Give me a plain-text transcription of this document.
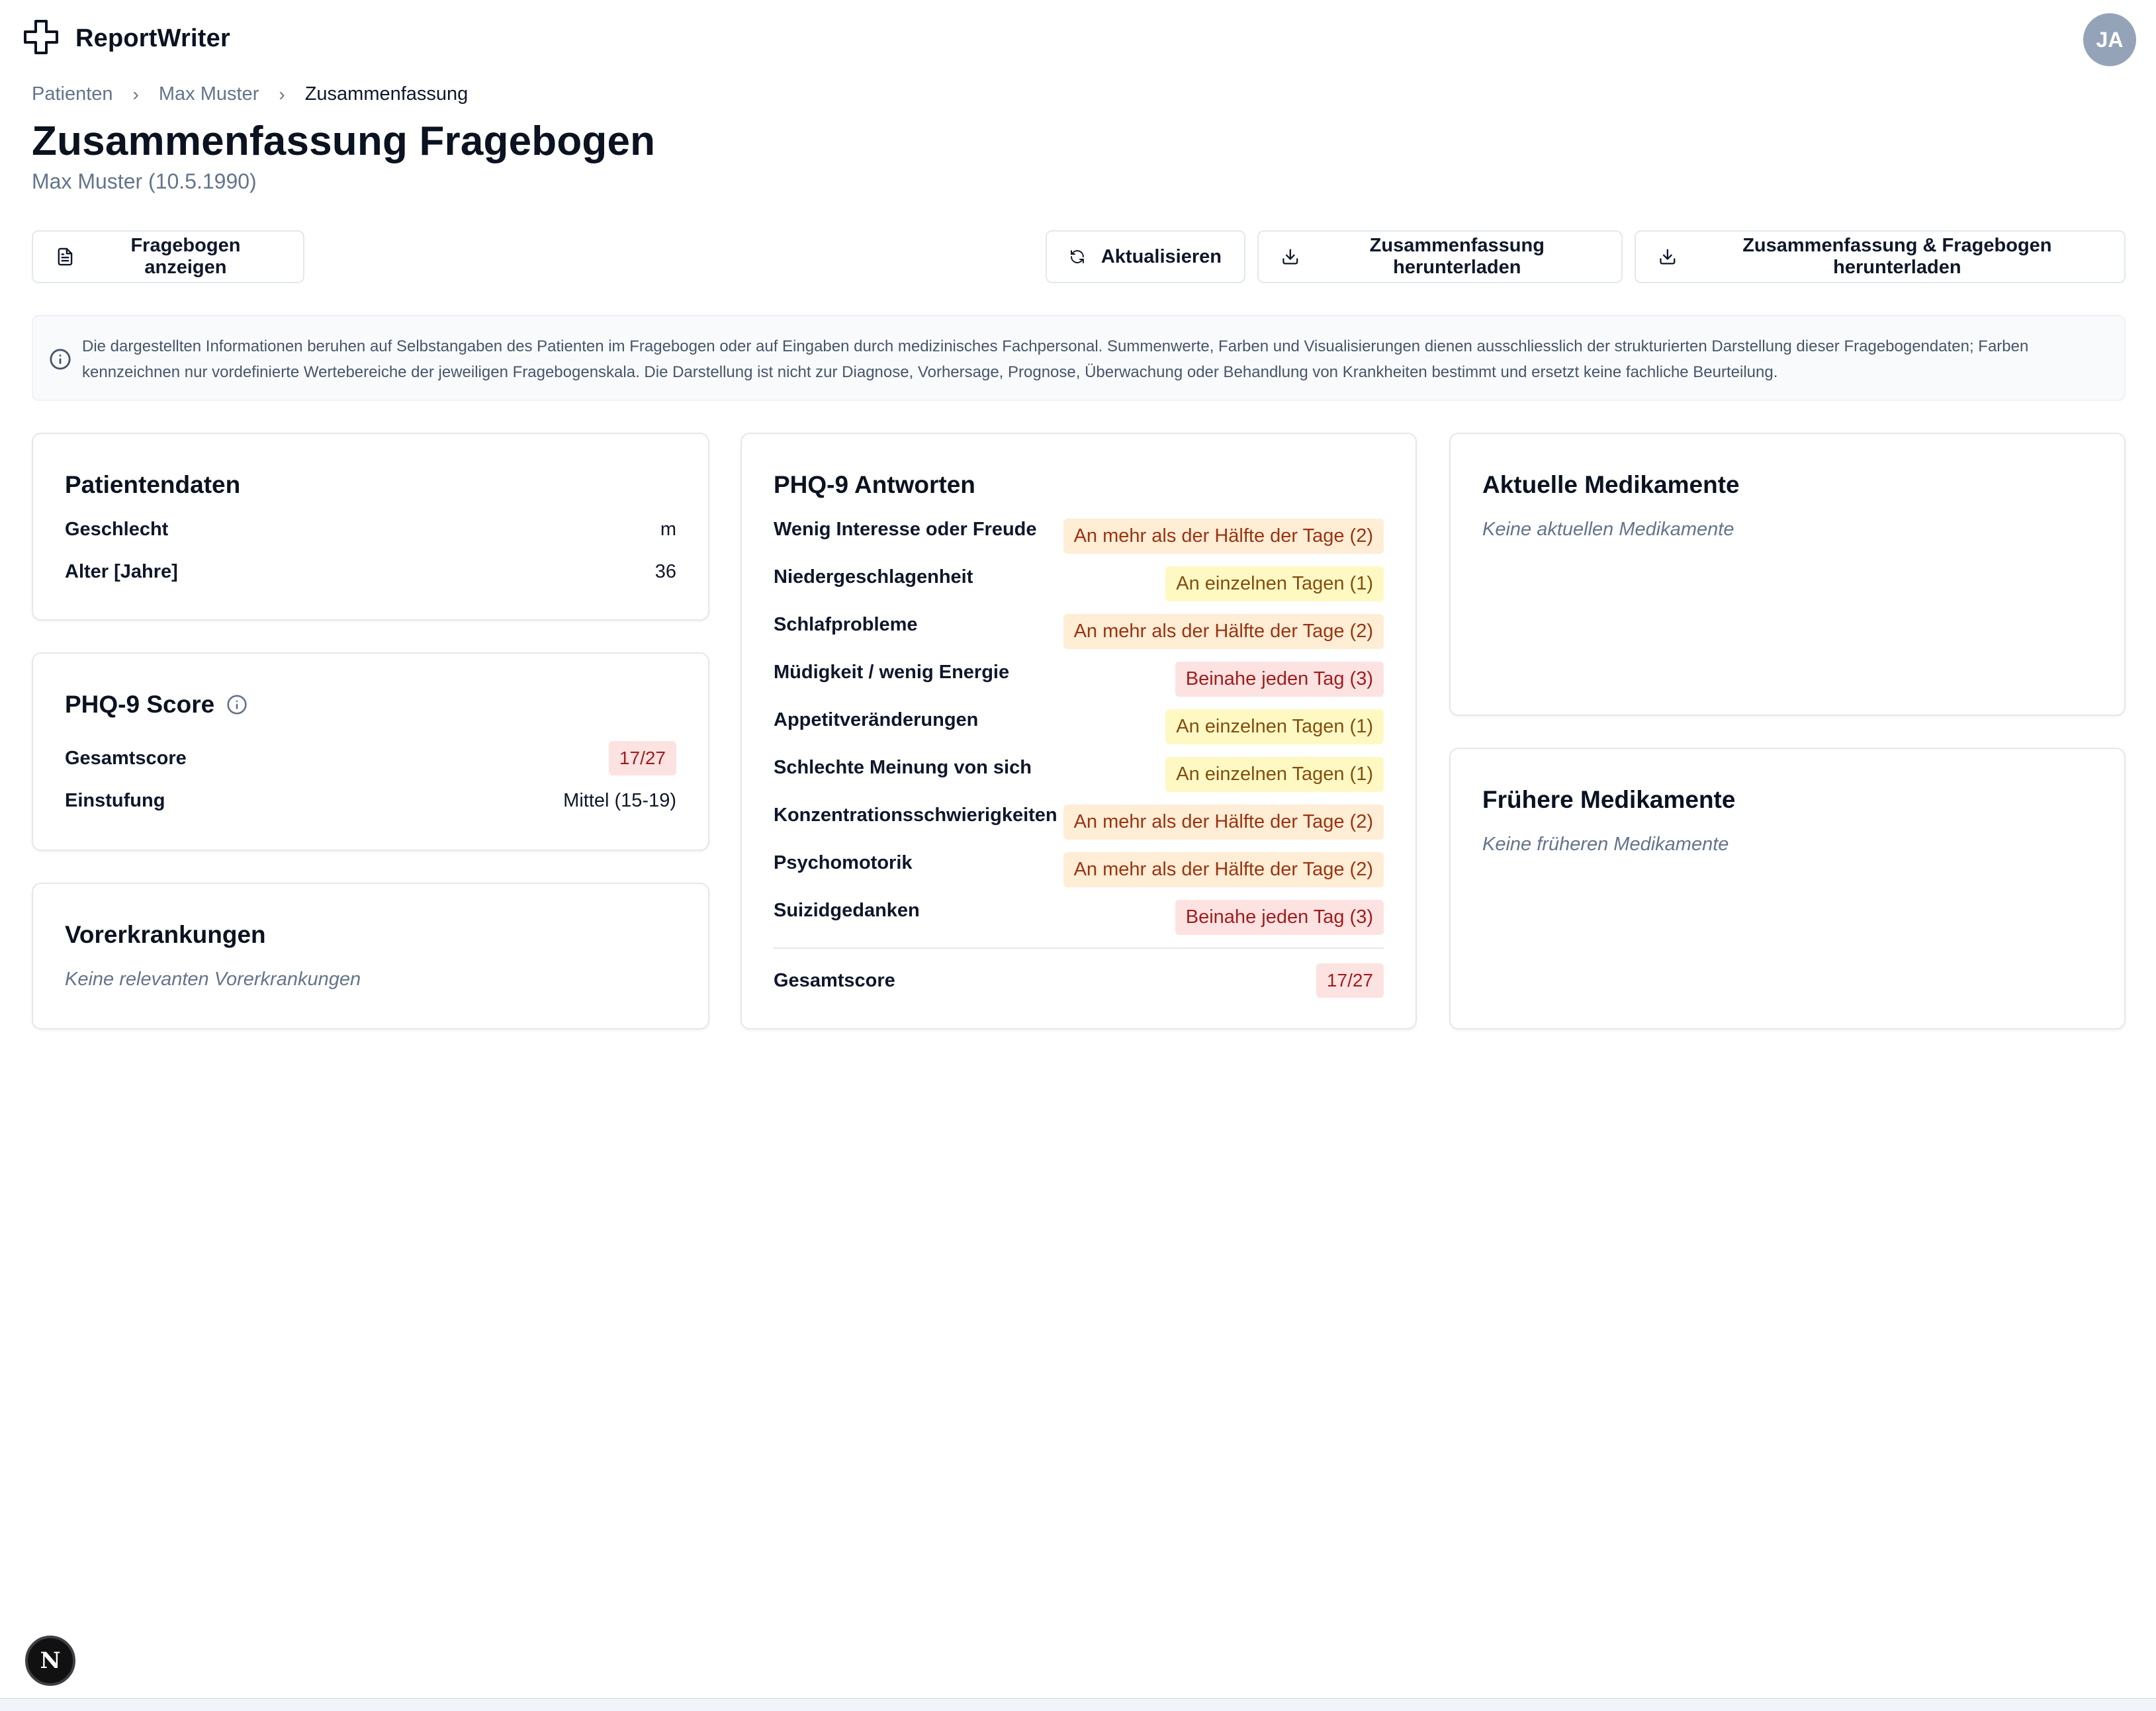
ReportWriter	JA
Patienten › Max Muster › Zusammenfassung
Zusammenfassung Fragebogen
Max Muster (10.5.1990)
Fragebogen anzeigen
Aktualisieren
Zusammenfassung herunterladen
Zusammenfassung & Fragebogen herunterladen
Die dargestellten Informationen beruhen auf Selbstangaben des Patienten im Fragebogen oder auf Eingaben durch medizinisches Fachpersonal. Summenwerte, Farben und Visualisierungen dienen ausschliesslich der strukturierten Darstellung dieser Fragebogendaten; Farben
kennzeichnen nur vordefinierte Wertebereiche der jeweiligen Fragebogenskala. Die Darstellung ist nicht zur Diagnose, Vorhersage, Prognose, Überwachung oder Behandlung von Krankheiten bestimmt und ersetzt keine fachliche Beurteilung.
Patientendaten
Geschlecht	m
Alter [Jahre]	36
PHQ-9 Score
Gesamtscore	17/27
Einstufung	Mittel (15-19)
Vorerkrankungen
Keine relevanten Vorerkrankungen
PHQ-9 Antworten
Wenig Interesse oder Freude	An mehr als der Hälfte der Tage (2)
Niedergeschlagenheit	An einzelnen Tagen (1)
Schlafprobleme	An mehr als der Hälfte der Tage (2)
Müdigkeit / wenig Energie	Beinahe jeden Tag (3)
Appetitveränderungen	An einzelnen Tagen (1)
Schlechte Meinung von sich	An einzelnen Tagen (1)
Konzentrationsschwierigkeiten An mehr als der Hälfte der Tage (2)
Psychomotorik	An mehr als der Hälfte der Tage (2)
Suizidgedanken	Beinahe jeden Tag (3)
Gesamtscore	17/27
Aktuelle Medikamente
Keine aktuellen Medikamente
Frühere Medikamente
Keine früheren Medikamente
N
